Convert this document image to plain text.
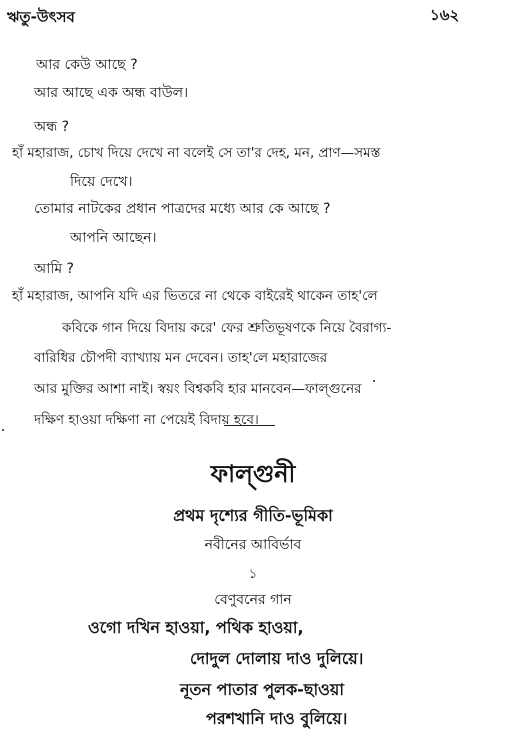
ঋতু-উৎসব	১৬২
আর কেউ আছে ?
আর আছে এক অন্ধ বাউল।
অন্ধ ?
হাঁ মহারাজ, চোখ দিয়ে দেখে না বলেই সে তা'র দেহ, মন, প্রাণ—সমস্ত
দিয়ে দেখে।
তোমার নাটকের প্রধান পাত্রদের মধ্যে আর কে আছে ?
আপনি আছেন।
আমি ?
হাঁ মহারাজ, আপনি যদি এর ভিতরে না থেকে বাইরেই থাকেন তাহ'লে
কবিকে গান দিয়ে বিদায় করে' ফের শ্রুতিভূষণকে নিয়ে বৈরাগ্য-
বারিধির চৌপদী ব্যাখ্যায় মন দেবেন। তাহ'লে মহারাজের
আর মুক্তির আশা নাই। স্বয়ং বিশ্বকবি হার মানবেন—ফাল্গুনের
দক্ষিণ হাওয়া দক্ষিণা না পেয়েই বিদায় হবে।
ফাল্গুনী
প্রথম দৃশ্যের গীতি-ভূমিকা
নবীনের আবির্ভাব
১
বেণুবনের গান
ওগো দখিন হাওয়া, পথিক হাওয়া,
দোদুল দোলায় দাও দুলিয়ে।
নূতন পাতার পুলক-ছাওয়া
পরশখানি দাও বুলিয়ে।
